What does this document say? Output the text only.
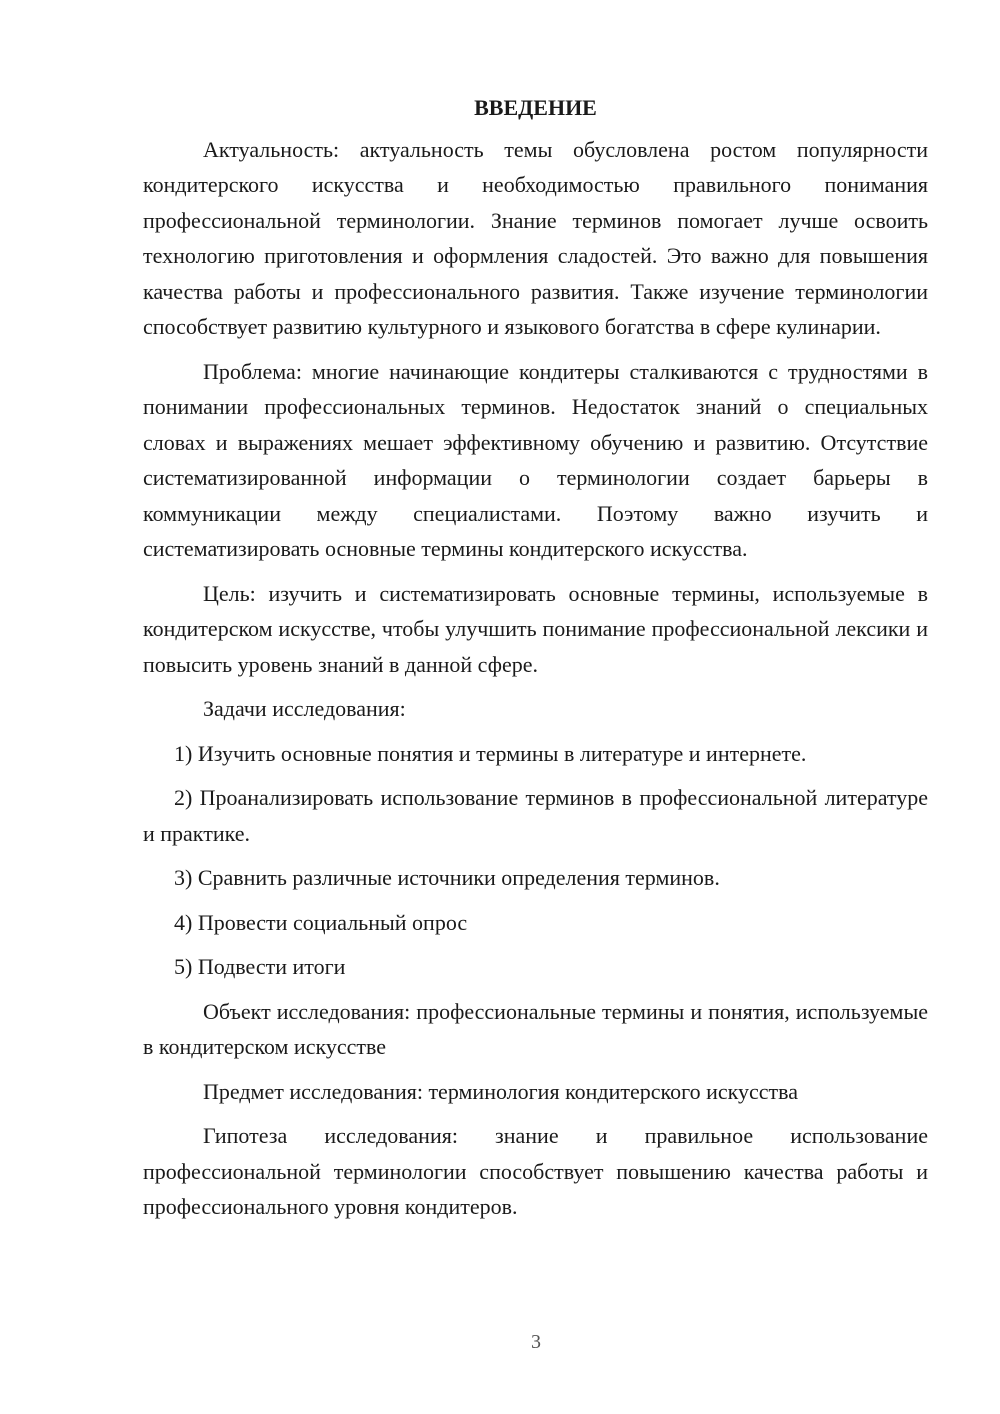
ВВЕДЕНИЕ

Актуальность: актуальность темы обусловлена ростом популярности кондитерского искусства и необходимостью правильного понимания профессиональной терминологии. Знание терминов помогает лучше освоить технологию приготовления и оформления сладостей. Это важно для повышения качества работы и профессионального развития. Также изучение терминологии способствует развитию культурного и языкового богатства в сфере кулинарии.

Проблема: многие начинающие кондитеры сталкиваются с трудностями в понимании профессиональных терминов. Недостаток знаний о специальных словах и выражениях мешает эффективному обучению и развитию. Отсутствие систематизированной информации о терминологии создает барьеры в коммуникации между специалистами. Поэтому важно изучить и систематизировать основные термины кондитерского искусства.

Цель: изучить и систематизировать основные термины, используемые в кондитерском искусстве, чтобы улучшить понимание профессиональной лексики и повысить уровень знаний в данной сфере.

Задачи исследования:

1) Изучить основные понятия и термины в литературе и интернете.

2) Проанализировать использование терминов в профессиональной литературе и практике.

3) Сравнить различные источники определения терминов.

4) Провести социальный опрос

5) Подвести итоги

Объект исследования: профессиональные термины и понятия, используемые в кондитерском искусстве

Предмет исследования: терминология кондитерского искусства

Гипотеза исследования: знание и правильное использование профессиональной терминологии способствует повышению качества работы и профессионального уровня кондитеров.

3
